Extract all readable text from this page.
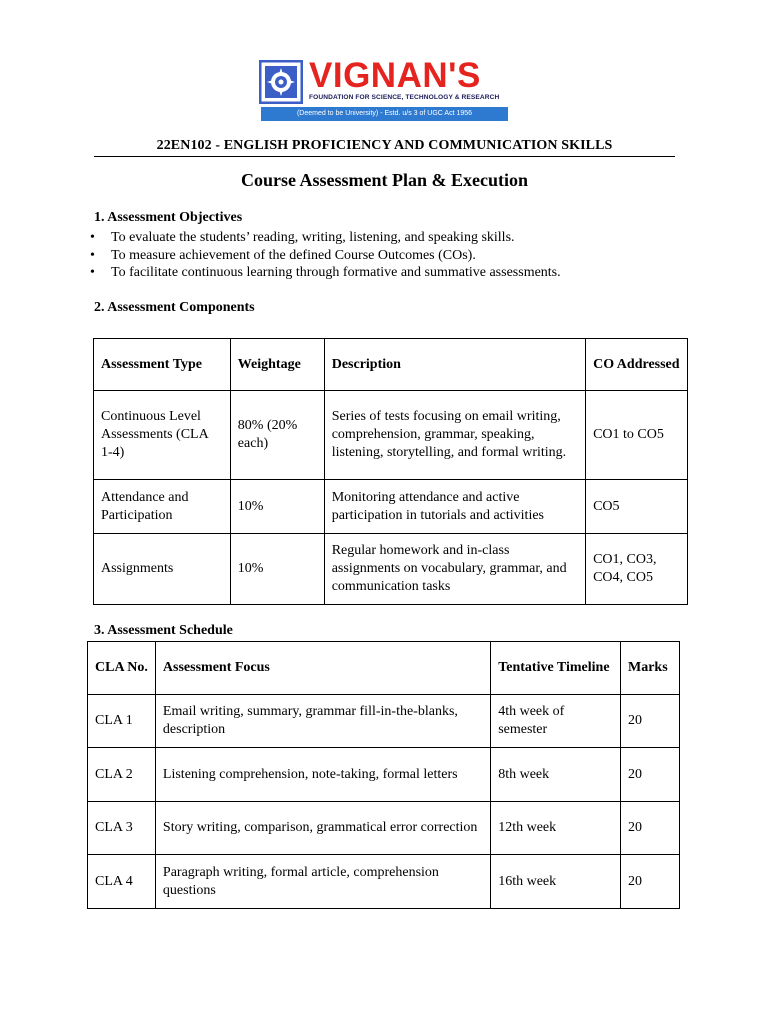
VIGNAN'S
FOUNDATION FOR SCIENCE, TECHNOLOGY & RESEARCH
(Deemed to be University) - Estd. u/s 3 of UGC Act 1956
22EN102 - ENGLISH PROFICIENCY AND COMMUNICATION SKILLS
Course Assessment Plan & Execution
1. Assessment Objectives
• To evaluate the students’ reading, writing, listening, and speaking skills.
• To measure achievement of the defined Course Outcomes (COs).
• To facilitate continuous learning through formative and summative assessments.
2. Assessment Components
Assessment Type	Weightage	Description	CO Addressed
Continuous Level Assessments (CLA 1-4)	80% (20% each)	Series of tests focusing on email writing, comprehension, grammar, speaking, listening, storytelling, and formal writing.	CO1 to CO5
Attendance and Participation	10%	Monitoring attendance and active participation in tutorials and activities	CO5
Assignments	10%	Regular homework and in-class assignments on vocabulary, grammar, and communication tasks	CO1, CO3, CO4, CO5
3. Assessment Schedule
CLA No.	Assessment Focus	Tentative Timeline	Marks
CLA 1	Email writing, summary, grammar fill-in-the-blanks, description	4th week of semester	20
CLA 2	Listening comprehension, note-taking, formal letters	8th week	20
CLA 3	Story writing, comparison, grammatical error correction	12th week	20
CLA 4	Paragraph writing, formal article, comprehension questions	16th week	20
